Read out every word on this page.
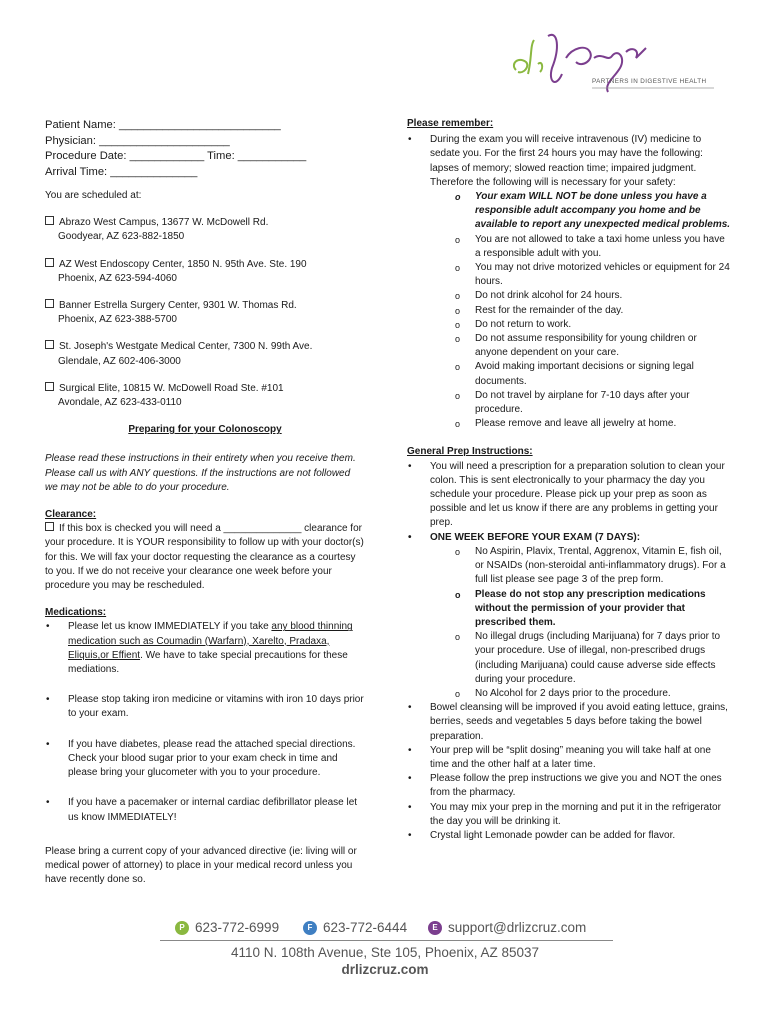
PARTNERS IN DIGESTIVE HEALTH
Patient Name: __________________________
Physician: _____________________
Procedure Date: ____________ Time: ___________
Arrival Time: ______________
You are scheduled at:
Abrazo West Campus, 13677 W. McDowell Rd.
Goodyear, AZ 623-882-1850
AZ West Endoscopy Center, 1850 N. 95th Ave. Ste. 190
Phoenix, AZ 623-594-4060
Banner Estrella Surgery Center, 9301 W. Thomas Rd.
Phoenix, AZ 623-388-5700
St. Joseph's Westgate Medical Center, 7300 N. 99th Ave.
Glendale, AZ 602-406-3000
Surgical Elite, 10815 W. McDowell Road Ste. #101
Avondale, AZ 623-433-0110
Preparing for your Colonoscopy
Please read these instructions in their entirety when you receive them. Please call us with ANY questions. If the instructions are not followed we may not be able to do your procedure.
Clearance:
If this box is checked you will need a ______________ clearance for your procedure. It is YOUR responsibility to follow up with your doctor(s) for this. We will fax your doctor requesting the clearance as a courtesy to you. If we do not receive your clearance one week before your procedure you may be rescheduled.
Medications:
• Please let us know IMMEDIATELY if you take any blood thinning medication such as Coumadin (Warfarn), Xarelto, Pradaxa, Eliquis,or Effient. We have to take special precautions for these mediations.
• Please stop taking iron medicine or vitamins with iron 10 days prior to your exam.
• If you have diabetes, please read the attached special directions. Check your blood sugar prior to your exam check in time and please bring your glucometer with you to your procedure.
• If you have a pacemaker or internal cardiac defibrillator please let us know IMMEDIATELY!
Please bring a current copy of your advanced directive (ie: living will or medical power of attorney) to place in your medical record unless you have recently done so.
Please remember:
• During the exam you will receive intravenous (IV) medicine to sedate you. For the first 24 hours you may have the following: lapses of memory; slowed reaction time; impaired judgment. Therefore the following will is necessary for your safety:
o Your exam WILL NOT be done unless you have a responsible adult accompany you home and be available to report any unexpected medical problems.
o You are not allowed to take a taxi home unless you have a responsible adult with you.
o You may not drive motorized vehicles or equipment for 24 hours.
o Do not drink alcohol for 24 hours.
o Rest for the remainder of the day.
o Do not return to work.
o Do not assume responsibility for young children or anyone dependent on your care.
o Avoid making important decisions or signing legal documents.
o Do not travel by airplane for 7-10 days after your procedure.
o Please remove and leave all jewelry at home.
General Prep Instructions:
• You will need a prescription for a preparation solution to clean your colon. This is sent electronically to your pharmacy the day you schedule your procedure. Please pick up your prep as soon as possible and let us know if there are any problems in getting your prep.
• ONE WEEK BEFORE YOUR EXAM (7 DAYS):
o No Aspirin, Plavix, Trental, Aggrenox, Vitamin E, fish oil, or NSAIDs (non-steroidal anti-inflammatory drugs). For a full list please see page 3 of the prep form.
o Please do not stop any prescription medications without the permission of your provider that prescribed them.
o No illegal drugs (including Marijuana) for 7 days prior to your procedure. Use of illegal, non-prescribed drugs (including Marijuana) could cause adverse side effects during your procedure.
o No Alcohol for 2 days prior to the procedure.
• Bowel cleansing will be improved if you avoid eating lettuce, grains, berries, seeds and vegetables 5 days before taking the bowel preparation.
• Your prep will be “split dosing” meaning you will take half at one time and the other half at a later time.
• Please follow the prep instructions we give you and NOT the ones from the pharmacy.
• You may mix your prep in the morning and put it in the refrigerator the day you will be drinking it.
• Crystal light Lemonade powder can be added for flavor.
P 623-772-6999	F 623-772-6444	E support@drlizcruz.com
4110 N. 108th Avenue, Ste 105, Phoenix, AZ 85037
drlizcruz.com
